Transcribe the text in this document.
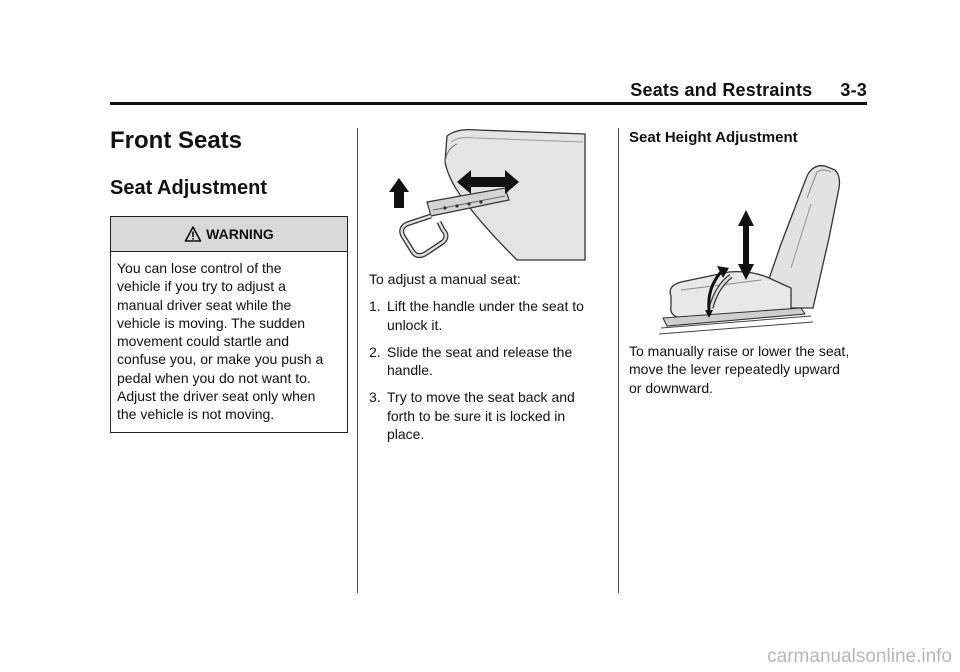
Seats and Restraints 3-3
Front Seats
Seat Adjustment
WARNING
You can lose control of the
vehicle if you try to adjust a
manual driver seat while the
vehicle is moving. The sudden
movement could startle and
confuse you, or make you push a
pedal when you do not want to.
Adjust the driver seat only when
the vehicle is not moving.

To adjust a manual seat:

1. Lift the handle under the seat to
unlock it.
2. Slide the seat and release the
handle.
3. Try to move the seat back and
forth to be sure it is locked in
place.
Seat Height Adjustment
To manually raise or lower the seat,
move the lever repeatedly upward
or downward.
carmanualsonline.info
